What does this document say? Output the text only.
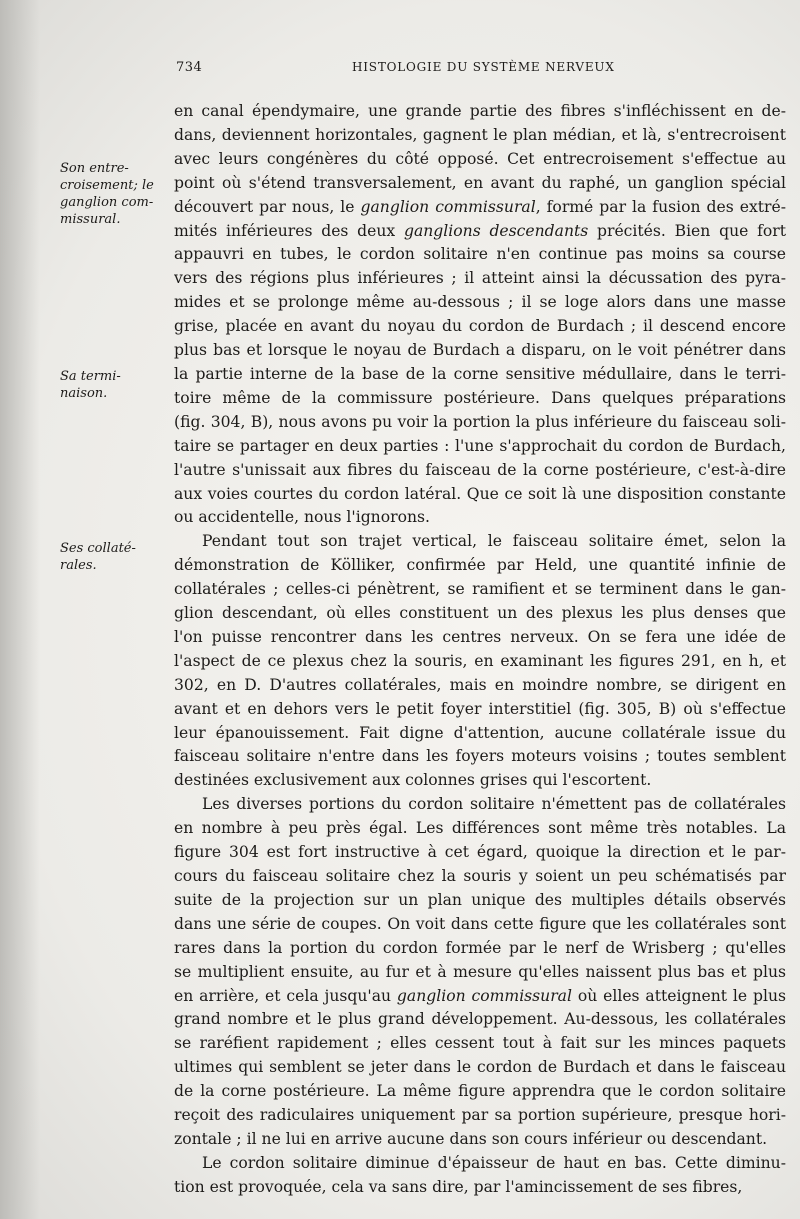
734	HISTOLOGIE DU SYSTÈME NERVEUX
Son entre-
croisement; le
ganglion com-
missural.
Sa termi-
naison.
Ses collaté-
rales.
en canal épendymaire, une grande partie des fibres s'infléchissent en de-
dans, deviennent horizontales, gagnent le plan médian, et là, s'entrecroisent
avec leurs congénères du côté opposé. Cet entrecroisement s'effectue au
point où s'étend transversalement, en avant du raphé, un ganglion spécial
découvert par nous, le ganglion commissural, formé par la fusion des extré-
mités inférieures des deux ganglions descendants précités. Bien que fort
appauvri en tubes, le cordon solitaire n'en continue pas moins sa course
vers des régions plus inférieures ; il atteint ainsi la décussation des pyra-
mides et se prolonge même au-dessous ; il se loge alors dans une masse
grise, placée en avant du noyau du cordon de Burdach ; il descend encore
plus bas et lorsque le noyau de Burdach a disparu, on le voit pénétrer dans
la partie interne de la base de la corne sensitive médullaire, dans le terri-
toire même de la commissure postérieure. Dans quelques préparations
(fig. 304, B), nous avons pu voir la portion la plus inférieure du faisceau soli-
taire se partager en deux parties : l'une s'approchait du cordon de Burdach,
l'autre s'unissait aux fibres du faisceau de la corne postérieure, c'est-à-dire
aux voies courtes du cordon latéral. Que ce soit là une disposition constante
ou accidentelle, nous l'ignorons.
Pendant tout son trajet vertical, le faisceau solitaire émet, selon la
démonstration de Kölliker, confirmée par Held, une quantité infinie de
collatérales ; celles-ci pénètrent, se ramifient et se terminent dans le gan-
glion descendant, où elles constituent un des plexus les plus denses que
l'on puisse rencontrer dans les centres nerveux. On se fera une idée de
l'aspect de ce plexus chez la souris, en examinant les figures 291, en h, et
302, en D. D'autres collatérales, mais en moindre nombre, se dirigent en
avant et en dehors vers le petit foyer interstitiel (fig. 305, B) où s'effectue
leur épanouissement. Fait digne d'attention, aucune collatérale issue du
faisceau solitaire n'entre dans les foyers moteurs voisins ; toutes semblent
destinées exclusivement aux colonnes grises qui l'escortent.
Les diverses portions du cordon solitaire n'émettent pas de collatérales
en nombre à peu près égal. Les différences sont même très notables. La
figure 304 est fort instructive à cet égard, quoique la direction et le par-
cours du faisceau solitaire chez la souris y soient un peu schématisés par
suite de la projection sur un plan unique des multiples détails observés
dans une série de coupes. On voit dans cette figure que les collatérales sont
rares dans la portion du cordon formée par le nerf de Wrisberg ; qu'elles
se multiplient ensuite, au fur et à mesure qu'elles naissent plus bas et plus
en arrière, et cela jusqu'au ganglion commissural où elles atteignent le plus
grand nombre et le plus grand développement. Au-dessous, les collatérales
se raréfient rapidement ; elles cessent tout à fait sur les minces paquets
ultimes qui semblent se jeter dans le cordon de Burdach et dans le faisceau
de la corne postérieure. La même figure apprendra que le cordon solitaire
reçoit des radiculaires uniquement par sa portion supérieure, presque hori-
zontale ; il ne lui en arrive aucune dans son cours inférieur ou descendant.
Le cordon solitaire diminue d'épaisseur de haut en bas. Cette diminu-
tion est provoquée, cela va sans dire, par l'amincissement de ses fibres,
